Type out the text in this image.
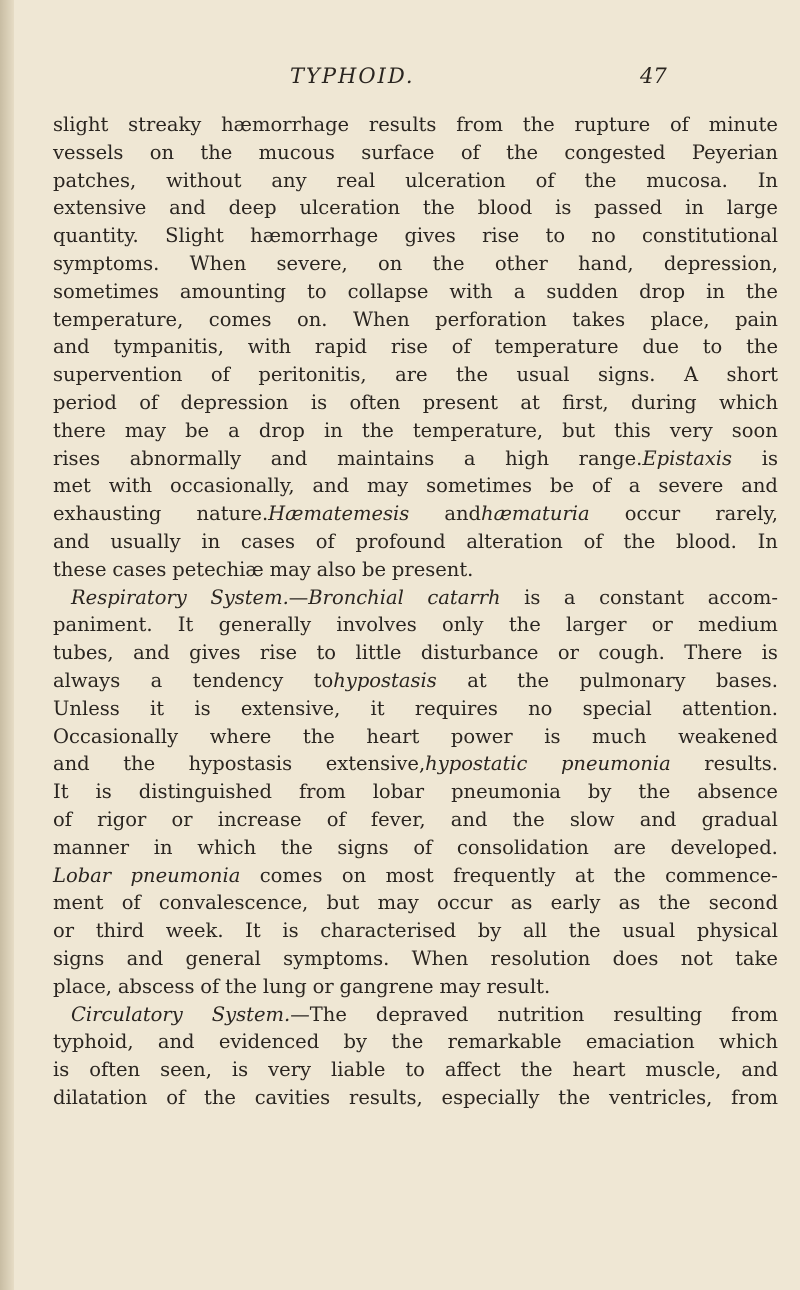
TYPHOID.	47
slight streaky hæmorrhage results from the rupture of minute
vessels on the mucous surface of the congested Peyerian
patches, without any real ulceration of the mucosa. In
extensive and deep ulceration the blood is passed in large
quantity. Slight hæmorrhage gives rise to no constitutional
symptoms. When severe, on the other hand, depression,
sometimes amounting to collapse with a sudden drop in the
temperature, comes on. When perforation takes place, pain
and tympanitis, with rapid rise of temperature due to the
supervention of peritonitis, are the usual signs. A short
period of depression is often present at first, during which
there may be a drop in the temperature, but this very soon
rises abnormally and maintains a high range.Epistaxis is
met with occasionally, and may sometimes be of a severe and
exhausting nature.Hæmatemesis andhæmaturia occur rarely,
and usually in cases of profound alteration of the blood. In
these cases petechiæ may also be present.
Respiratory System.—Bronchial catarrh is a constant accom-
paniment. It generally involves only the larger or medium
tubes, and gives rise to little disturbance or cough. There is
always a tendency tohypostasis at the pulmonary bases.
Unless it is extensive, it requires no special attention.
Occasionally where the heart power is much weakened
and the hypostasis extensive,hypostatic pneumonia results.
It is distinguished from lobar pneumonia by the absence
of rigor or increase of fever, and the slow and gradual
manner in which the signs of consolidation are developed.
Lobar pneumonia comes on most frequently at the commence-
ment of convalescence, but may occur as early as the second
or third week. It is characterised by all the usual physical
signs and general symptoms. When resolution does not take
place, abscess of the lung or gangrene may result.
Circulatory System.—The depraved nutrition resulting from
typhoid, and evidenced by the remarkable emaciation which
is often seen, is very liable to affect the heart muscle, and
dilatation of the cavities results, especially the ventricles, from
